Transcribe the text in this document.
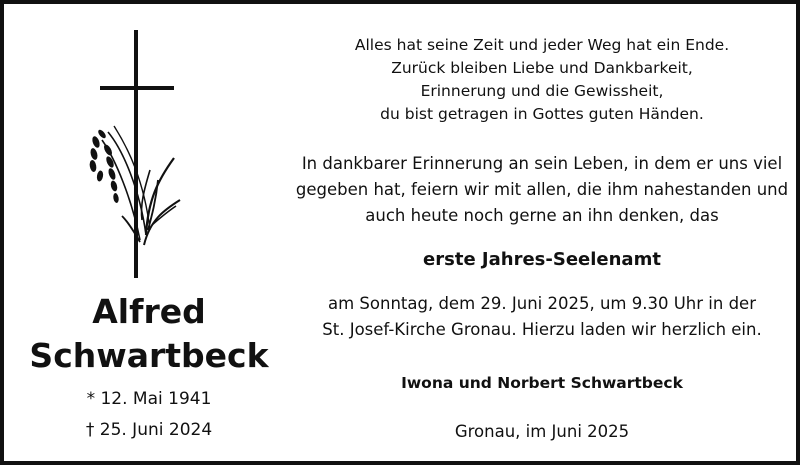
Alfred
Schwartbeck
* 12. Mai 1941
† 25. Juni 2024
Alles hat seine Zeit und jeder Weg hat ein Ende.
Zurück bleiben Liebe und Dankbarkeit,
Erinnerung und die Gewissheit,
du bist getragen in Gottes guten Händen.
In dankbarer Erinnerung an sein Leben, in dem er uns viel
gegeben hat, feiern wir mit allen, die ihm nahestanden und
auch heute noch gerne an ihn denken, das
erste Jahres-Seelenamt
am Sonntag, dem 29. Juni 2025, um 9.30 Uhr in der
St. Josef-Kirche Gronau. Hierzu laden wir herzlich ein.
Iwona und Norbert Schwartbeck
Gronau, im Juni 2025
